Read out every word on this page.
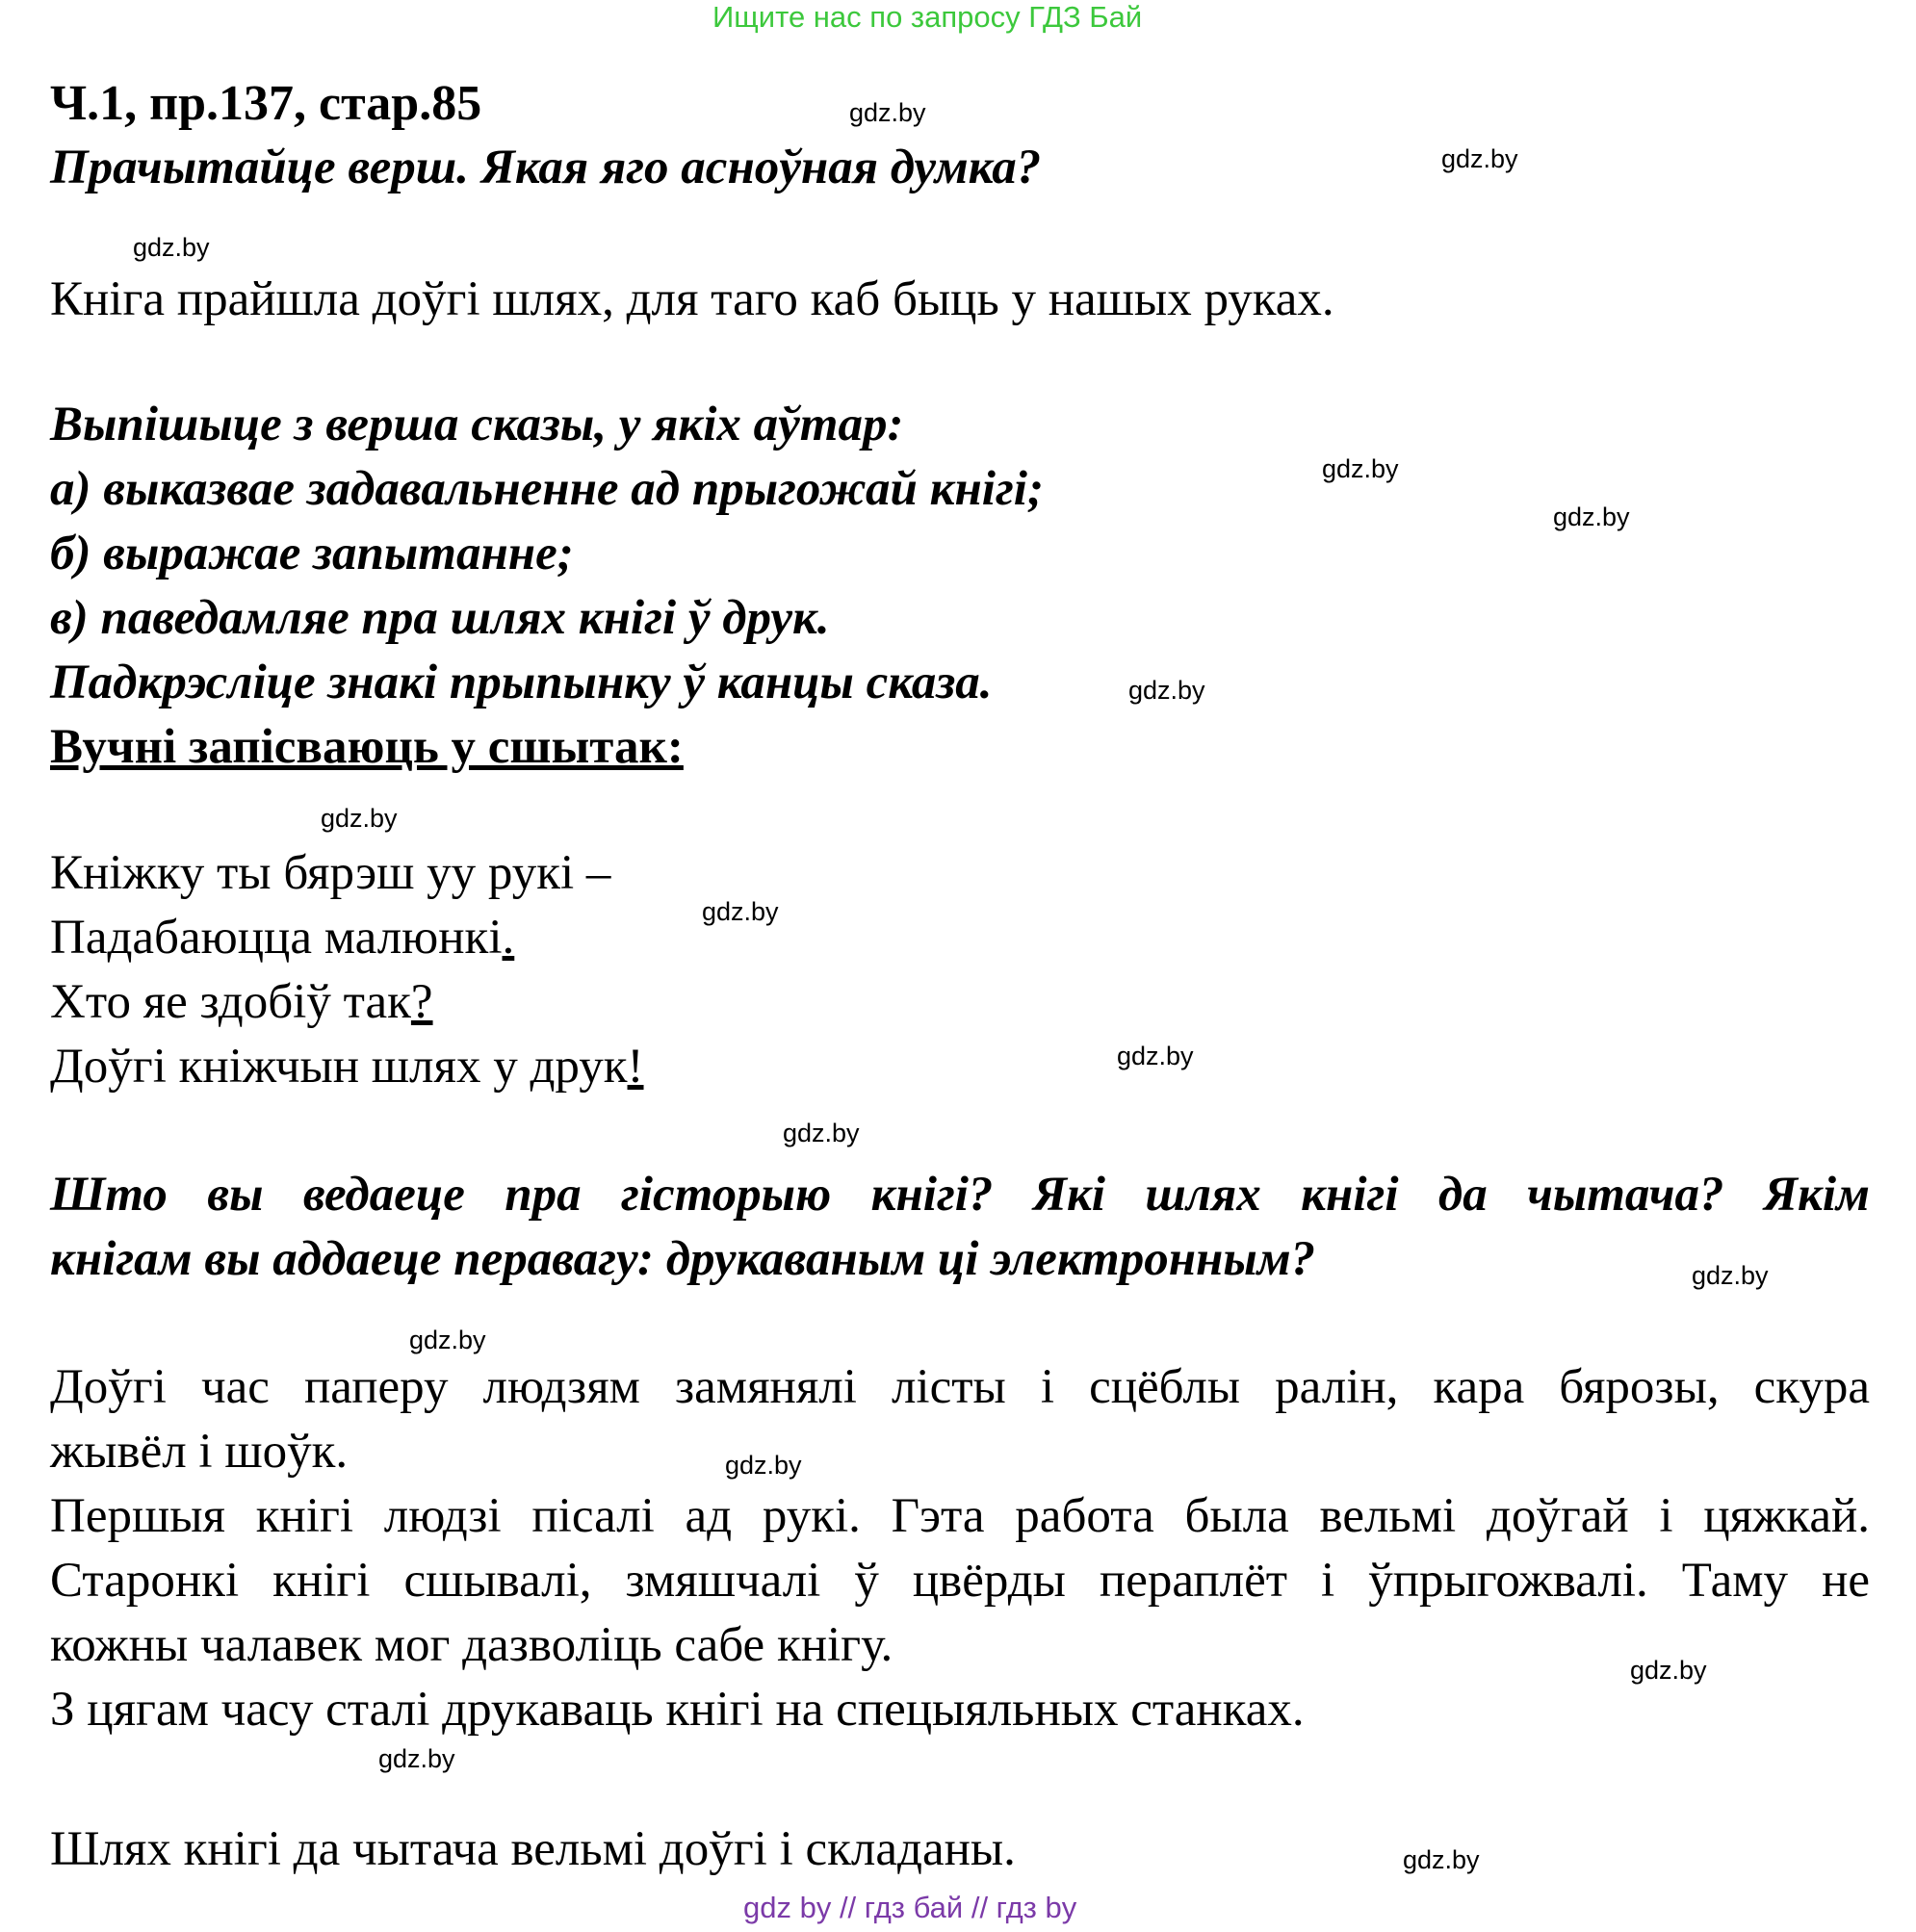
Ищите нас по запросу ГДЗ Бай
Ч.1, пр.137, стар.85
Прачытайце верш. Якая яго асноўная думка?
Кніга прайшла доўгі шлях, для таго каб быць у нашых руках.
Выпішыце з верша сказы, у якіх аўтар:
а) выказвае задавальненне ад прыгожай кнігі;
б) выражае запытанне;
в) паведамляе пра шлях кнігі ў друк.
Падкрэсліце знакі прыпынку ў канцы сказа.
Вучні запісваюць у сшытак:
Кніжку ты бярэш уу рукі –
Падабаюцца малюнкі.
Хто яе здобіў так?
Доўгі кніжчын шлях у друк!
Што вы ведаеце пра гісторыю кнігі? Які шлях кнігі да чытача? Якім
кнігам вы аддаеце перавагу: друкаваным ці электронным?
Доўгі час паперу людзям замянялі лісты і сцёблы ралін, кара бярозы, скура
жывёл і шоўк.
Першыя кнігі людзі пісалі ад рукі. Гэта работа была вельмі доўгай і цяжкай.
Старонкі кнігі сшывалі, змяшчалі ў цвёрды пераплёт і ўпрыгожвалі. Таму не
кожны чалавек мог дазволіць сабе кнігу.
З цягам часу сталі друкаваць кнігі на спецыяльных станках.
Шлях кнігі да чытача вельмі доўгі і складаны.
gdz.by
gdz.by
gdz.by
gdz.by
gdz.by
gdz.by
gdz.by
gdz.by
gdz.by
gdz.by
gdz.by
gdz.by
gdz.by
gdz.by
gdz.by
gdz.by
gdz by // гдз бай // гдз by
